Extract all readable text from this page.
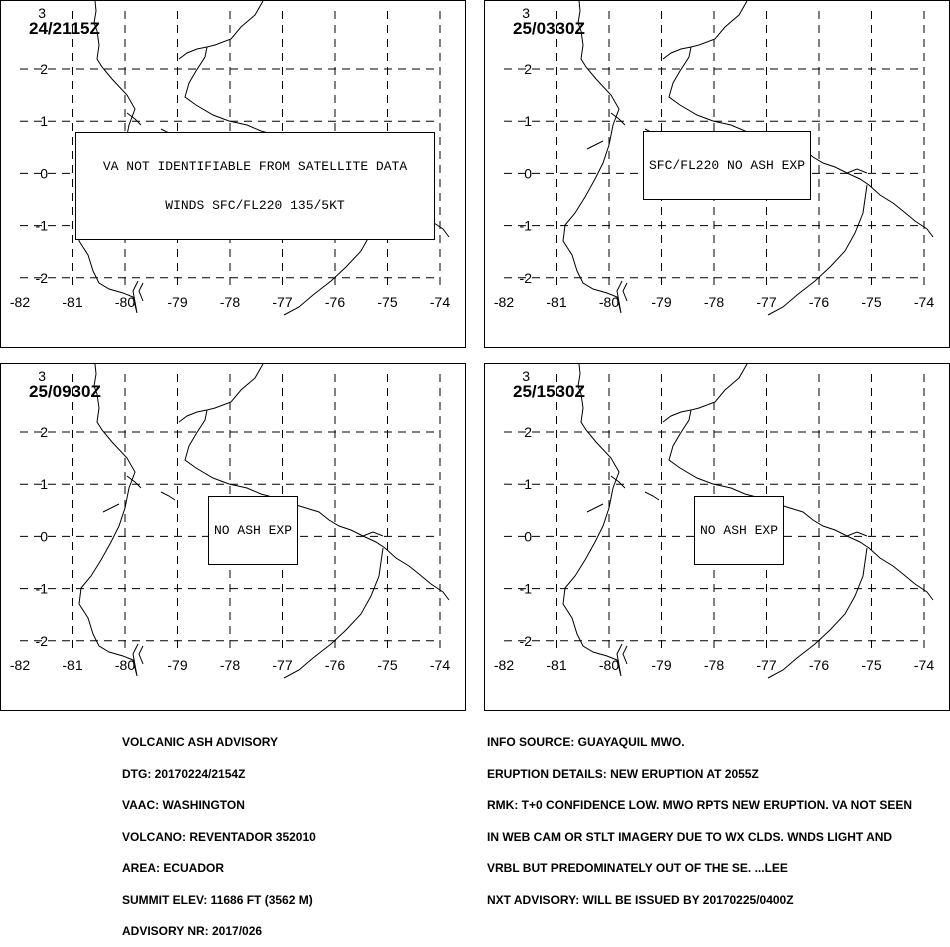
-82 -81 -80 -79 -78 -77 -76 -75 -74
3
2
1
0
-1
-2
24/2115Z

VA NOT IDENTIFIABLE FROM SATELLITE DATA

WINDS SFC/FL220 135/5KT

-82 -81 -80 -79 -78 -77 -76 -75 -74
3
2
1
0
-1
-2
25/0330Z

SFC/FL220 NO ASH EXP

-82 -81 -80 -79 -78 -77 -76 -75 -74
3
2
1
0
-1
-2
25/0930Z

NO ASH EXP

-82 -81 -80 -79 -78 -77 -76 -75 -74
3
2
1
0
-1
-2
25/1530Z

NO ASH EXP

VOLCANIC ASH ADVISORY

DTG: 20170224/2154Z

VAAC: WASHINGTON

VOLCANO: REVENTADOR 352010

AREA: ECUADOR

SUMMIT ELEV: 11686 FT (3562 M)

ADVISORY NR: 2017/026

INFO SOURCE: GUAYAQUIL MWO.

ERUPTION DETAILS: NEW ERUPTION AT 2055Z

RMK: T+0 CONFIDENCE LOW. MWO RPTS NEW ERUPTION. VA NOT SEEN

IN WEB CAM OR STLT IMAGERY DUE TO WX CLDS. WNDS LIGHT AND

VRBL BUT PREDOMINATELY OUT OF THE SE. ...LEE

NXT ADVISORY: WILL BE ISSUED BY 20170225/0400Z
